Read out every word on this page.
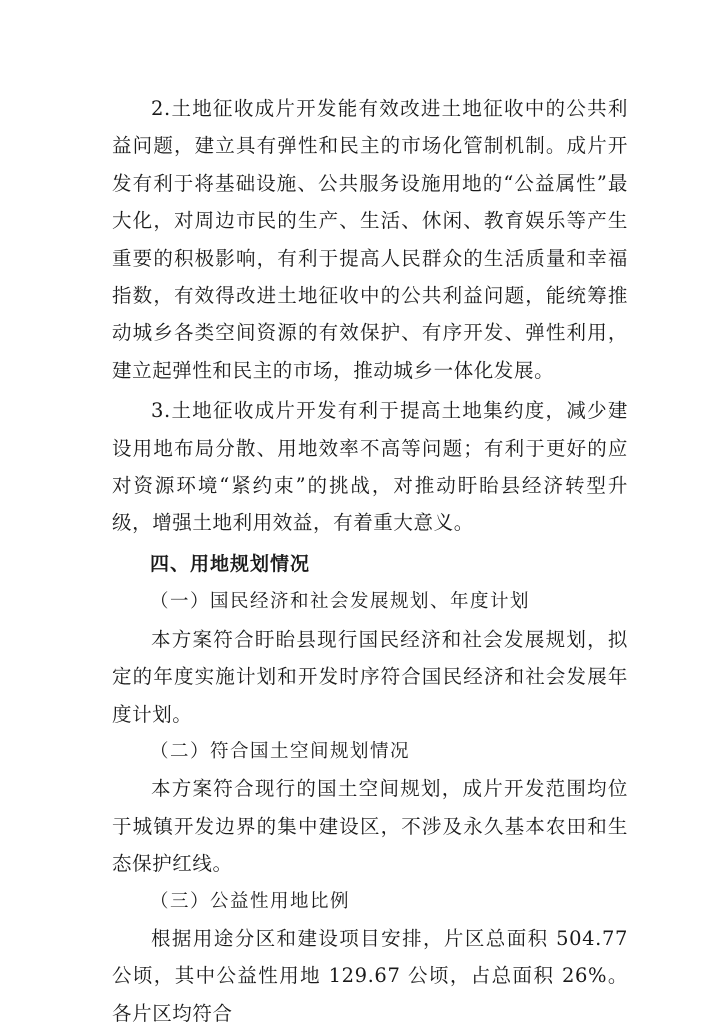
2.土地征收成片开发能有效改进土地征收中的公共利益问题，建立具有弹性和民主的市场化管制机制。成片开发有利于将基础设施、公共服务设施用地的“公益属性”最大化，对周边市民的生产、生活、休闲、教育娱乐等产生重要的积极影响，有利于提高人民群众的生活质量和幸福指数，有效得改进土地征收中的公共利益问题，能统筹推动城乡各类空间资源的有效保护、有序开发、弹性利用，建立起弹性和民主的市场，推动城乡一体化发展。

3.土地征收成片开发有利于提高土地集约度，减少建设用地布局分散、用地效率不高等问题；有利于更好的应对资源环境“紧约束”的挑战，对推动盱眙县经济转型升级，增强土地利用效益，有着重大意义。

四、用地规划情况

（一）国民经济和社会发展规划、年度计划

本方案符合盱眙县现行国民经济和社会发展规划，拟定的年度实施计划和开发时序符合国民经济和社会发展年度计划。

（二）符合国土空间规划情况

本方案符合现行的国土空间规划，成片开发范围均位于城镇开发边界的集中建设区，不涉及永久基本农田和生态保护红线。

（三）公益性用地比例

根据用途分区和建设项目安排，片区总面积 504.77 公顷，其中公益性用地 129.67 公顷，占总面积 26%。各片区均符合
